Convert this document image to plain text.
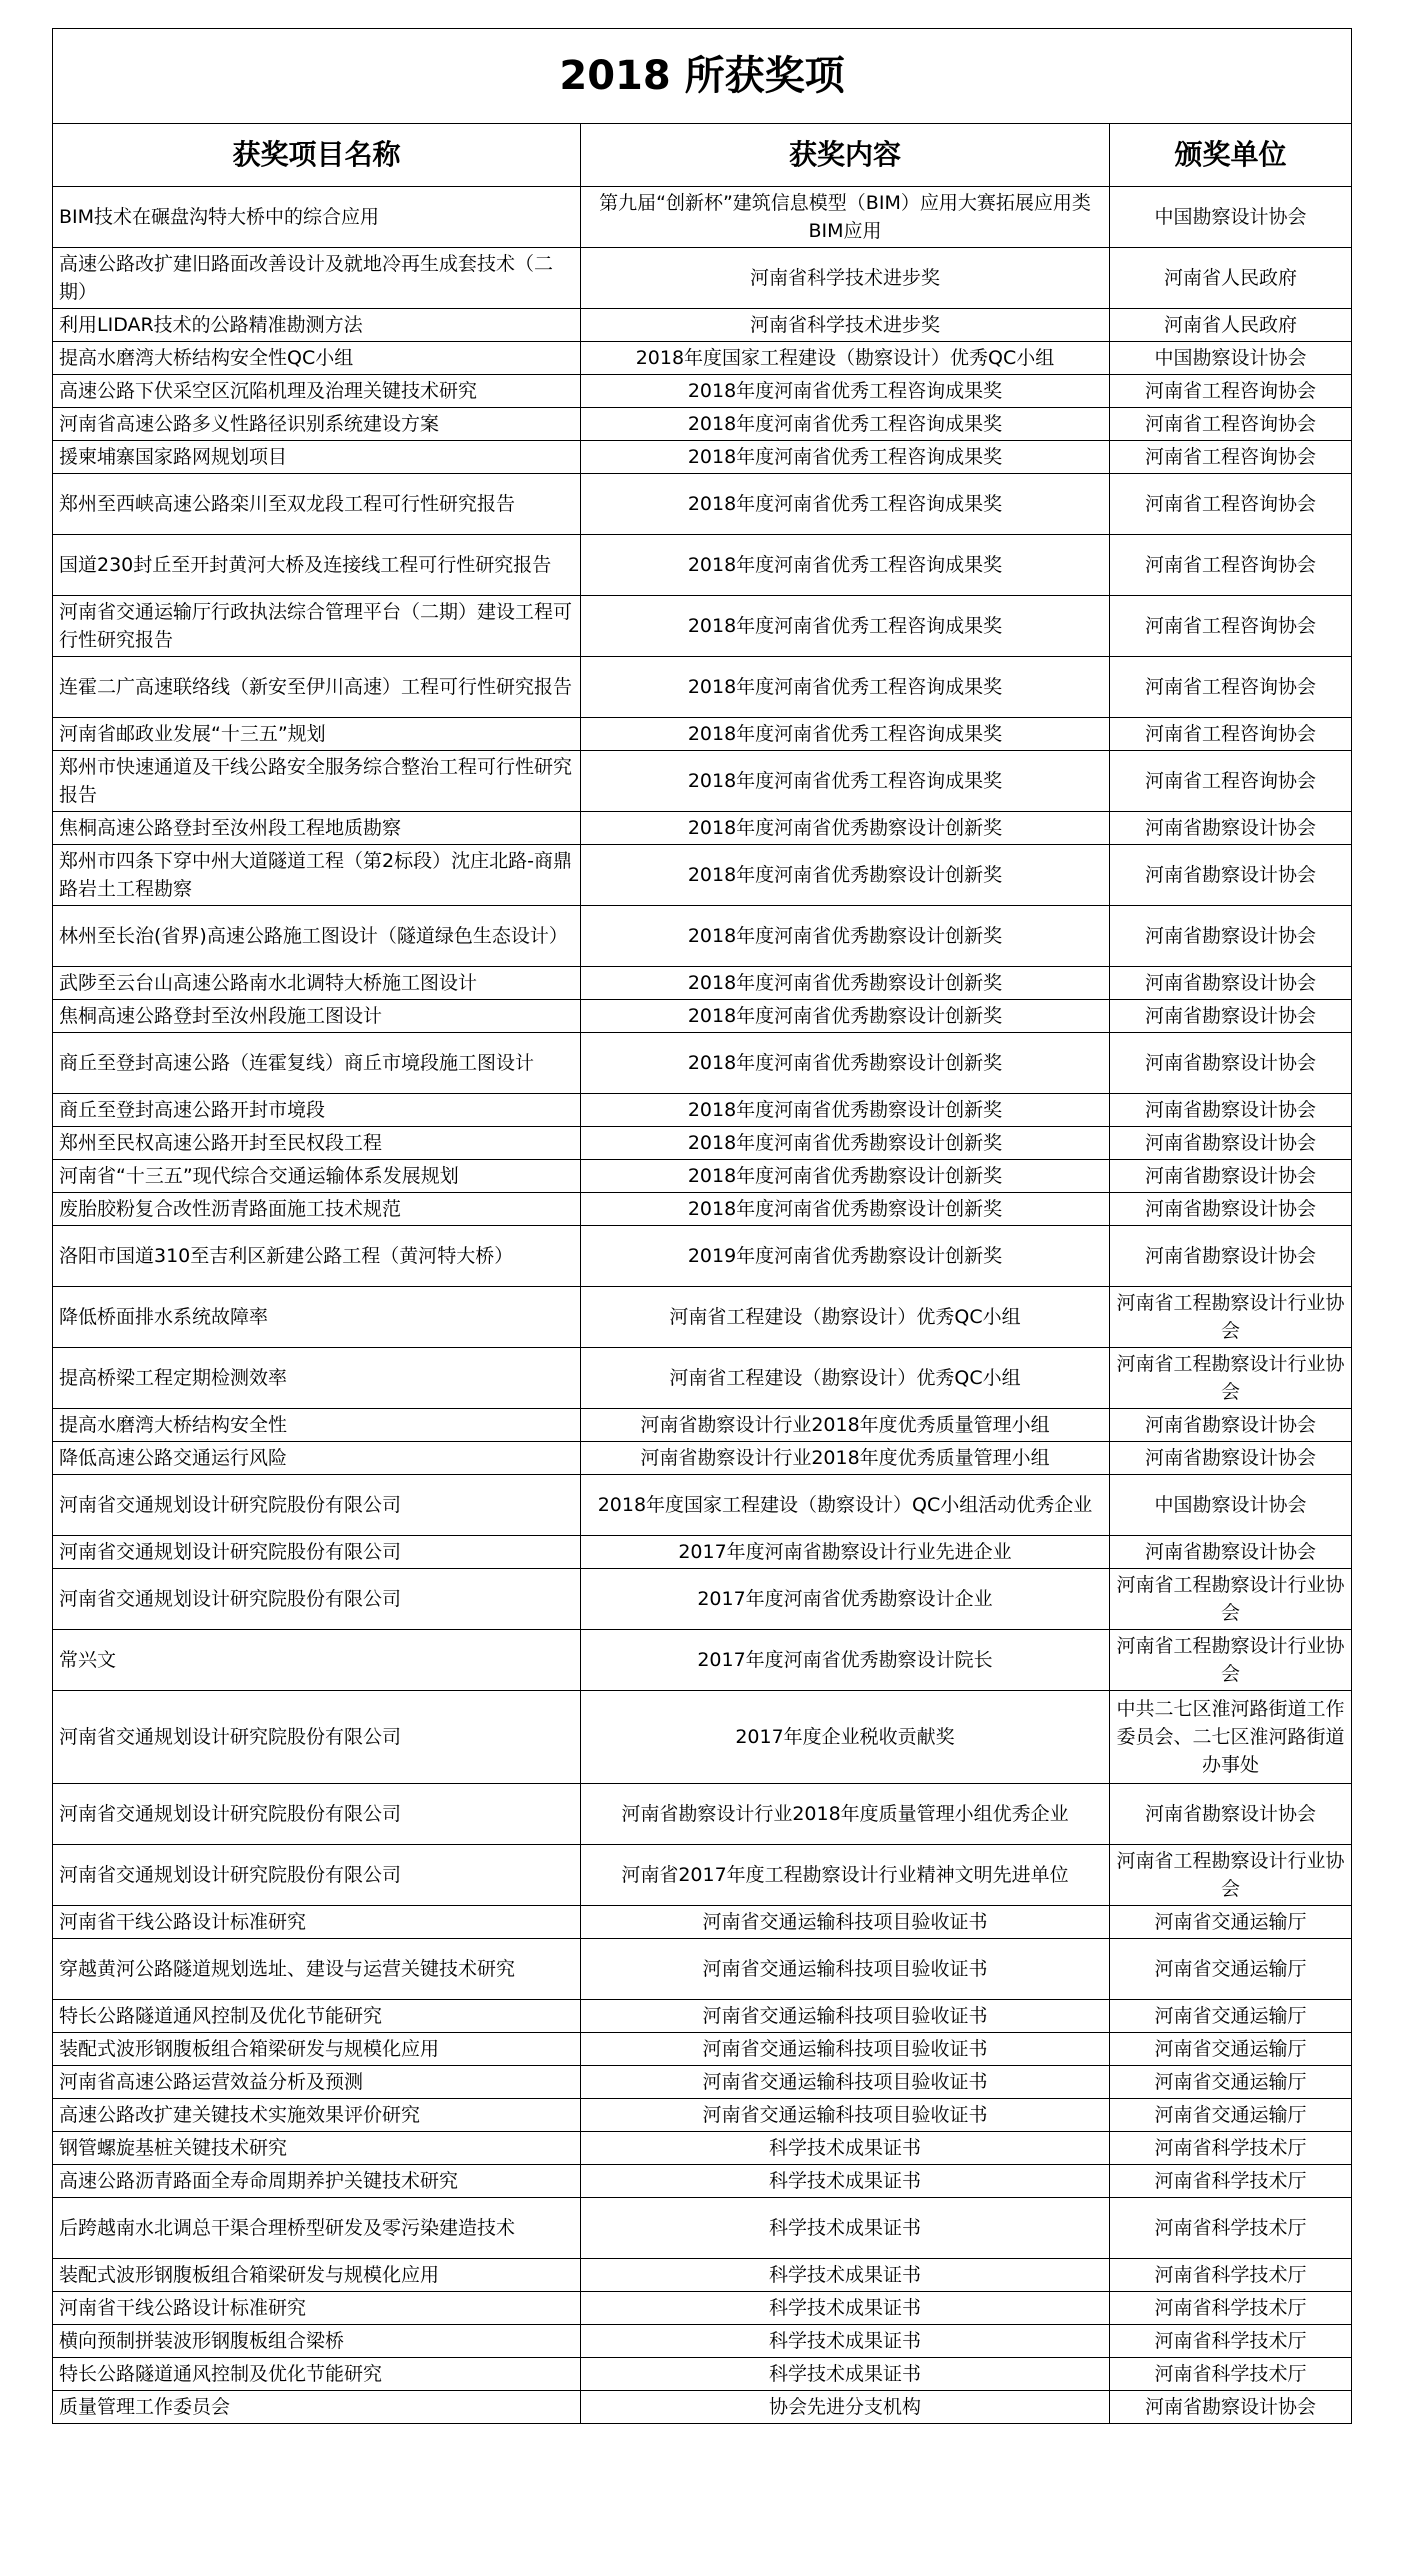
2018 所获奖项		
获奖项目名称	获奖内容	颁奖单位
BIM技术在碾盘沟特大桥中的综合应用	第九届“创新杯”建筑信息模型（BIM）应用大赛拓展应用类BIM应用	中国勘察设计协会
高速公路改扩建旧路面改善设计及就地冷再生成套技术（二期）	河南省科学技术进步奖	河南省人民政府
利用LIDAR技术的公路精准勘测方法	河南省科学技术进步奖	河南省人民政府
提高水磨湾大桥结构安全性QC小组	2018年度国家工程建设（勘察设计）优秀QC小组	中国勘察设计协会
高速公路下伏采空区沉陷机理及治理关键技术研究	2018年度河南省优秀工程咨询成果奖	河南省工程咨询协会
河南省高速公路多义性路径识别系统建设方案	2018年度河南省优秀工程咨询成果奖	河南省工程咨询协会
援柬埔寨国家路网规划项目	2018年度河南省优秀工程咨询成果奖	河南省工程咨询协会
郑州至西峡高速公路栾川至双龙段工程可行性研究报告	2018年度河南省优秀工程咨询成果奖	河南省工程咨询协会
国道230封丘至开封黄河大桥及连接线工程可行性研究报告	2018年度河南省优秀工程咨询成果奖	河南省工程咨询协会
河南省交通运输厅行政执法综合管理平台（二期）建设工程可行性研究报告	2018年度河南省优秀工程咨询成果奖	河南省工程咨询协会
连霍二广高速联络线（新安至伊川高速）工程可行性研究报告	2018年度河南省优秀工程咨询成果奖	河南省工程咨询协会
河南省邮政业发展“十三五”规划	2018年度河南省优秀工程咨询成果奖	河南省工程咨询协会
郑州市快速通道及干线公路安全服务综合整治工程可行性研究报告	2018年度河南省优秀工程咨询成果奖	河南省工程咨询协会
焦桐高速公路登封至汝州段工程地质勘察	2018年度河南省优秀勘察设计创新奖	河南省勘察设计协会
郑州市四条下穿中州大道隧道工程（第2标段）沈庄北路-商鼎路岩土工程勘察	2018年度河南省优秀勘察设计创新奖	河南省勘察设计协会
林州至长治(省界)高速公路施工图设计（隧道绿色生态设计）	2018年度河南省优秀勘察设计创新奖	河南省勘察设计协会
武陟至云台山高速公路南水北调特大桥施工图设计	2018年度河南省优秀勘察设计创新奖	河南省勘察设计协会
焦桐高速公路登封至汝州段施工图设计	2018年度河南省优秀勘察设计创新奖	河南省勘察设计协会
商丘至登封高速公路（连霍复线）商丘市境段施工图设计	2018年度河南省优秀勘察设计创新奖	河南省勘察设计协会
商丘至登封高速公路开封市境段	2018年度河南省优秀勘察设计创新奖	河南省勘察设计协会
郑州至民权高速公路开封至民权段工程	2018年度河南省优秀勘察设计创新奖	河南省勘察设计协会
河南省“十三五”现代综合交通运输体系发展规划	2018年度河南省优秀勘察设计创新奖	河南省勘察设计协会
废胎胶粉复合改性沥青路面施工技术规范	2018年度河南省优秀勘察设计创新奖	河南省勘察设计协会
洛阳市国道310至吉利区新建公路工程（黄河特大桥）	2019年度河南省优秀勘察设计创新奖	河南省勘察设计协会
降低桥面排水系统故障率	河南省工程建设（勘察设计）优秀QC小组	河南省工程勘察设计行业协会
提高桥梁工程定期检测效率	河南省工程建设（勘察设计）优秀QC小组	河南省工程勘察设计行业协会
提高水磨湾大桥结构安全性	河南省勘察设计行业2018年度优秀质量管理小组	河南省勘察设计协会
降低高速公路交通运行风险	河南省勘察设计行业2018年度优秀质量管理小组	河南省勘察设计协会
河南省交通规划设计研究院股份有限公司	2018年度国家工程建设（勘察设计）QC小组活动优秀企业	中国勘察设计协会
河南省交通规划设计研究院股份有限公司	2017年度河南省勘察设计行业先进企业	河南省勘察设计协会
河南省交通规划设计研究院股份有限公司	2017年度河南省优秀勘察设计企业	河南省工程勘察设计行业协会
常兴文	2017年度河南省优秀勘察设计院长	河南省工程勘察设计行业协会
河南省交通规划设计研究院股份有限公司	2017年度企业税收贡献奖	中共二七区淮河路街道工作委员会、二七区淮河路街道办事处
河南省交通规划设计研究院股份有限公司	河南省勘察设计行业2018年度质量管理小组优秀企业	河南省勘察设计协会
河南省交通规划设计研究院股份有限公司	河南省2017年度工程勘察设计行业精神文明先进单位	河南省工程勘察设计行业协会
河南省干线公路设计标准研究	河南省交通运输科技项目验收证书	河南省交通运输厅
穿越黄河公路隧道规划选址、建设与运营关键技术研究	河南省交通运输科技项目验收证书	河南省交通运输厅
特长公路隧道通风控制及优化节能研究	河南省交通运输科技项目验收证书	河南省交通运输厅
装配式波形钢腹板组合箱梁研发与规模化应用	河南省交通运输科技项目验收证书	河南省交通运输厅
河南省高速公路运营效益分析及预测	河南省交通运输科技项目验收证书	河南省交通运输厅
高速公路改扩建关键技术实施效果评价研究	河南省交通运输科技项目验收证书	河南省交通运输厅
钢管螺旋基桩关键技术研究	科学技术成果证书	河南省科学技术厅
高速公路沥青路面全寿命周期养护关键技术研究	科学技术成果证书	河南省科学技术厅
后跨越南水北调总干渠合理桥型研发及零污染建造技术	科学技术成果证书	河南省科学技术厅
装配式波形钢腹板组合箱梁研发与规模化应用	科学技术成果证书	河南省科学技术厅
河南省干线公路设计标准研究	科学技术成果证书	河南省科学技术厅
横向预制拼装波形钢腹板组合梁桥	科学技术成果证书	河南省科学技术厅
特长公路隧道通风控制及优化节能研究	科学技术成果证书	河南省科学技术厅
质量管理工作委员会	协会先进分支机构	河南省勘察设计协会
